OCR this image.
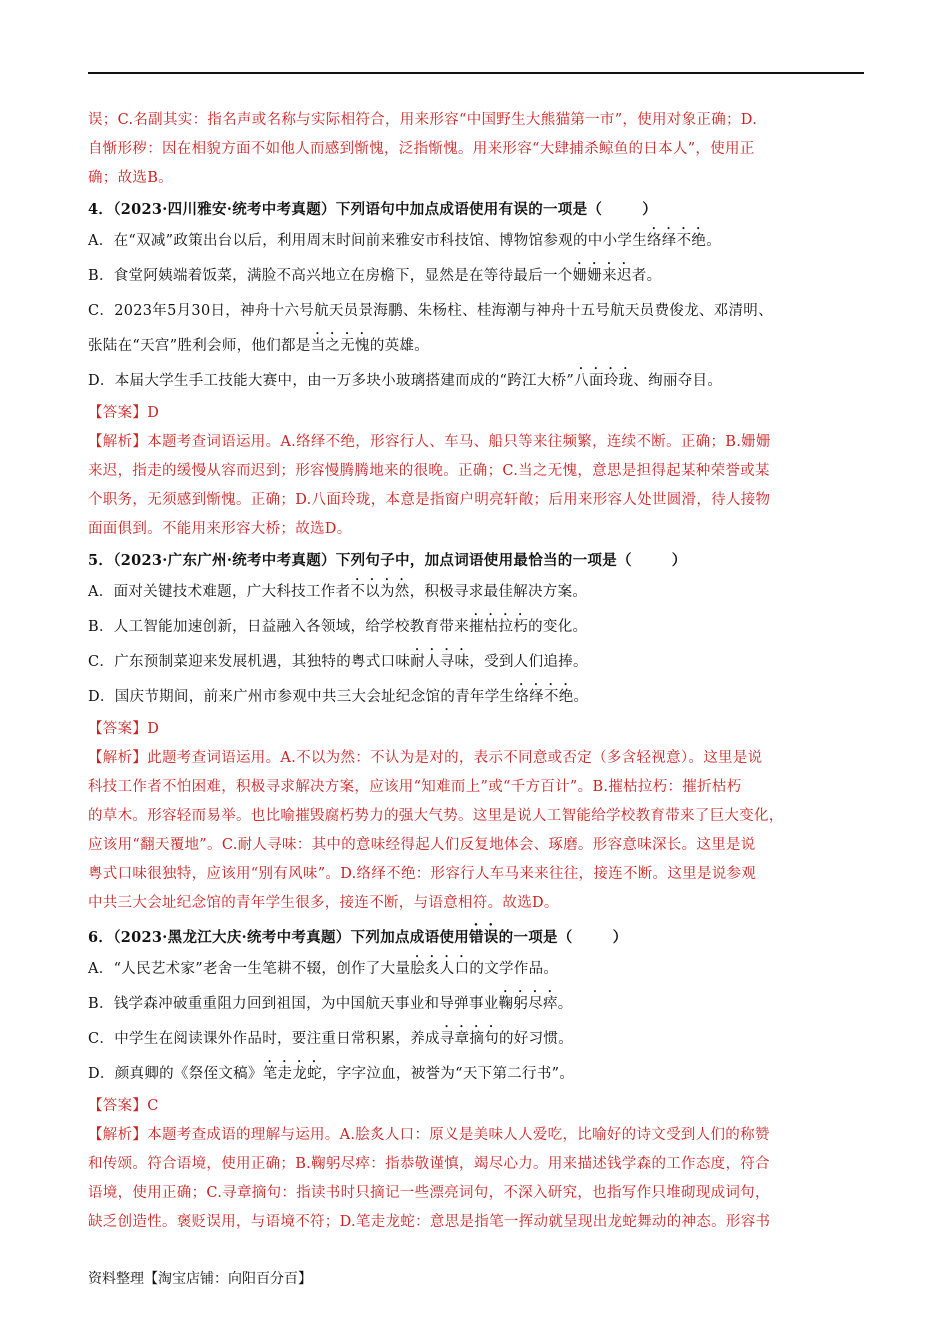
误；C.名副其实：指名声或名称与实际相符合，用来形容“中国野生大熊猫第一市”，使用对象正确；D.

自惭形秽：因在相貌方面不如他人而感到惭愧，泛指惭愧。用来形容“大肆捕杀鲸鱼的日本人”，使用正

确；故选B。

4．（2023·四川雅安·统考中考真题）下列语句中加点成语使用有误的一项是（	）

A．在“双减”政策出台以后，利用周末时间前来雅安市科技馆、博物馆参观的中小学生络绎不绝。

B．食堂阿姨端着饭菜，满脸不高兴地立在房檐下，显然是在等待最后一个姗姗来迟者。

C．2023年5月30日，神舟十六号航天员景海鹏、朱杨柱、桂海潮与神舟十五号航天员费俊龙、邓清明、

张陆在“天宫”胜利会师，他们都是当之无愧的英雄。

D．本届大学生手工技能大赛中，由一万多块小玻璃搭建而成的“跨江大桥”八面玲珑、绚丽夺目。

【答案】D

【解析】本题考查词语运用。A.络绎不绝，形容行人、车马、船只等来往频繁，连续不断。正确；B.姗姗

来迟，指走的缓慢从容而迟到；形容慢腾腾地来的很晚。正确；C.当之无愧，意思是担得起某种荣誉或某

个职务，无须感到惭愧。正确；D.八面玲珑，本意是指窗户明亮轩敞；后用来形容人处世圆滑，待人接物

面面俱到。不能用来形容大桥；故选D。

5．（2023·广东广州·统考中考真题）下列句子中，加点词语使用最恰当的一项是（	）

A．面对关键技术难题，广大科技工作者不以为然，积极寻求最佳解决方案。

B．人工智能加速创新，日益融入各领域，给学校教育带来摧枯拉朽的变化。

C．广东预制菜迎来发展机遇，其独特的粤式口味耐人寻味，受到人们追捧。

D．国庆节期间，前来广州市参观中共三大会址纪念馆的青年学生络绎不绝。

【答案】D

【解析】此题考查词语运用。A.不以为然：不认为是对的，表示不同意或否定（多含轻视意）。这里是说

科技工作者不怕困难，积极寻求解决方案，应该用“知难而上”或“千方百计”。B.摧枯拉朽：摧折枯朽

的草木。形容轻而易举。也比喻摧毁腐朽势力的强大气势。这里是说人工智能给学校教育带来了巨大变化，

应该用“翻天覆地”。C.耐人寻味：其中的意味经得起人们反复地体会、琢磨。形容意味深长。这里是说

粤式口味很独特，应该用“别有风味”。D.络绎不绝：形容行人车马来来往往，接连不断。这里是说参观

中共三大会址纪念馆的青年学生很多，接连不断，与语意相符。故选D。

6．（2023·黑龙江大庆·统考中考真题）下列加点成语使用错误的一项是（	）

A．“人民艺术家”老舍一生笔耕不辍，创作了大量脍炙人口的文学作品。

B．钱学森冲破重重阻力回到祖国，为中国航天事业和导弹事业鞠躬尽瘁。

C．中学生在阅读课外作品时，要注重日常积累，养成寻章摘句的好习惯。

D．颜真卿的《祭侄文稿》笔走龙蛇，字字泣血，被誉为“天下第二行书”。

【答案】C

【解析】本题考查成语的理解与运用。A.脍炙人口：原义是美味人人爱吃，比喻好的诗文受到人们的称赞

和传颂。符合语境，使用正确；B.鞠躬尽瘁：指恭敬谨慎，竭尽心力。用来描述钱学森的工作态度，符合

语境，使用正确；C.寻章摘句：指读书时只摘记一些漂亮词句，不深入研究，也指写作只堆砌现成词句，

缺乏创造性。褒贬误用，与语境不符；D.笔走龙蛇：意思是指笔一挥动就呈现出龙蛇舞动的神态。形容书

资料整理【淘宝店铺：向阳百分百】
